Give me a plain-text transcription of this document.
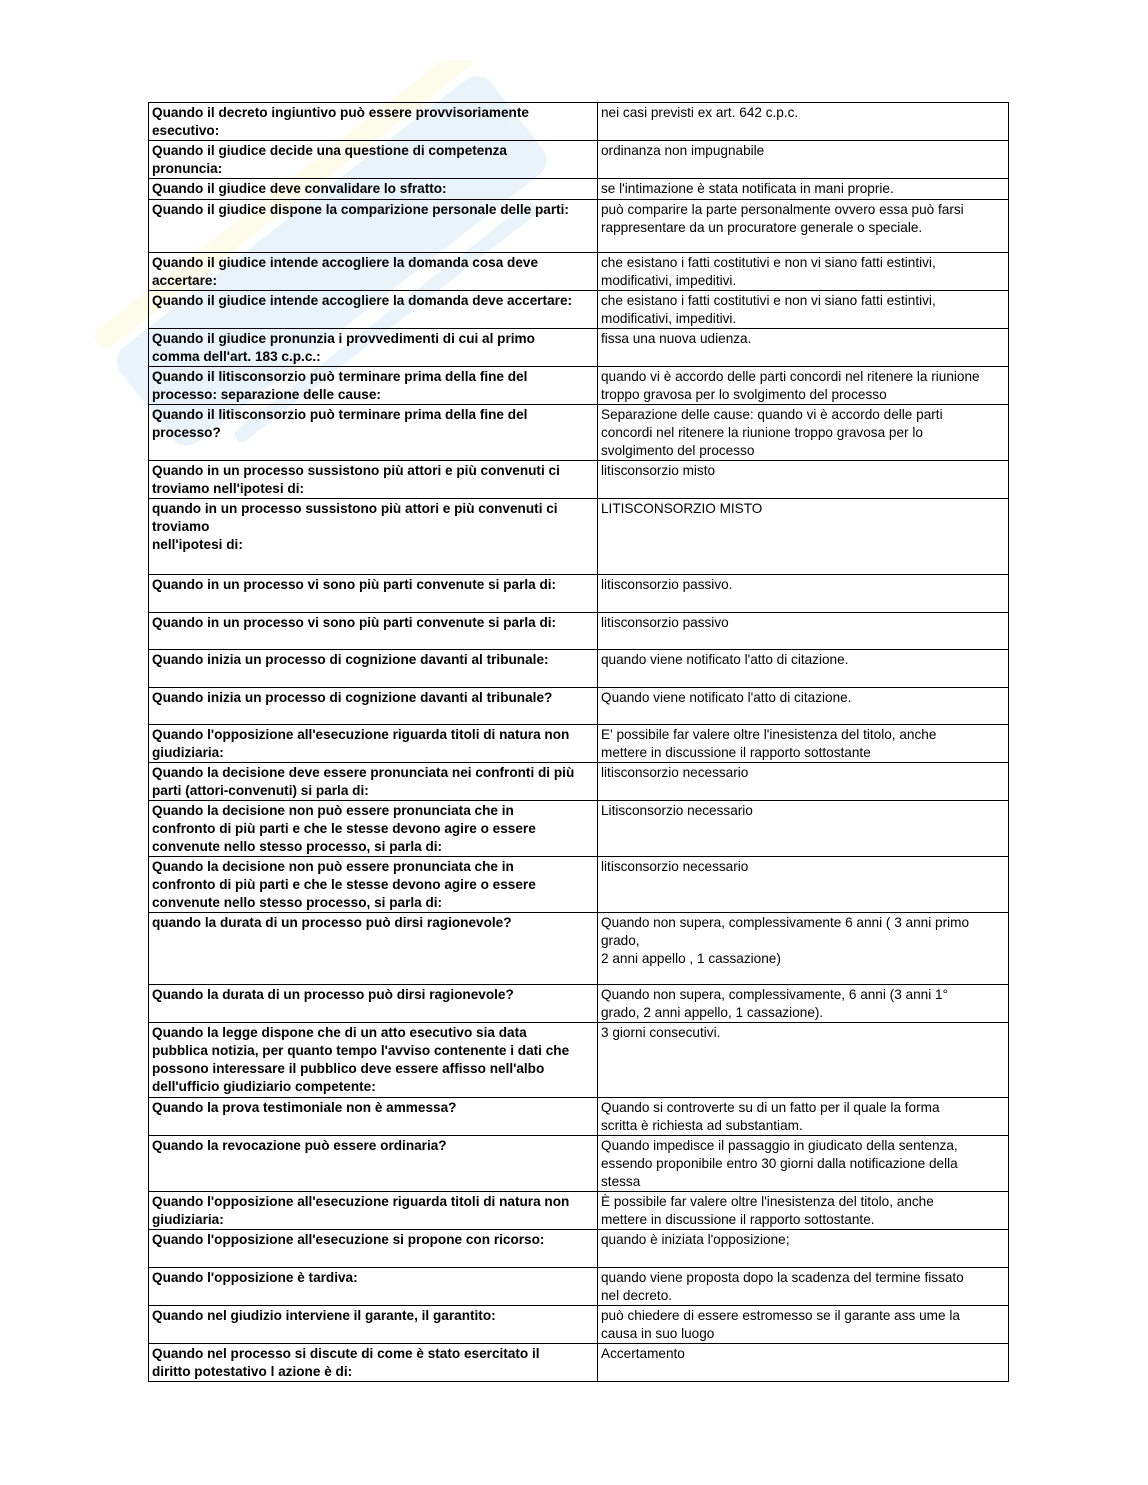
Quando il decreto ingiuntivo può essere provvisoriamente
esecutivo:	nei casi previsti ex art. 642 c.p.c.
Quando il giudice decide una questione di competenza
pronuncia:	ordinanza non impugnabile
Quando il giudice deve convalidare lo sfratto:	se l'intimazione è stata notificata in mani proprie.
Quando il giudice dispone la comparizione personale delle parti:	può comparire la parte personalmente ovvero essa può farsi
rappresentare da un procuratore generale o speciale.
Quando il giudice intende accogliere la domanda cosa deve
accertare:	che esistano i fatti costitutivi e non vi siano fatti estintivi,
modificativi, impeditivi.
Quando il giudice intende accogliere la domanda deve accertare:	che esistano i fatti costitutivi e non vi siano fatti estintivi,
modificativi, impeditivi.
Quando il giudice pronunzia i provvedimenti di cui al primo
comma dell'art. 183 c.p.c.:	fissa una nuova udienza.
Quando il litisconsorzio può terminare prima della fine del
processo: separazione delle cause:	quando vi è accordo delle parti concordi nel ritenere la riunione
troppo gravosa per lo svolgimento del processo
Quando il litisconsorzio può terminare prima della fine del
processo?	Separazione delle cause: quando vi è accordo delle parti
concordi nel ritenere la riunione troppo gravosa per lo
svolgimento del processo
Quando in un processo sussistono più attori e più convenuti ci
troviamo nell'ipotesi di:	litisconsorzio misto
quando in un processo sussistono più attori e più convenuti ci
troviamo
nell'ipotesi di:	LITISCONSORZIO MISTO
Quando in un processo vi sono più parti convenute si parla di:	litisconsorzio passivo.
Quando in un processo vi sono più parti convenute si parla di:	litisconsorzio passivo
Quando inizia un processo di cognizione davanti al tribunale:	quando viene notificato l'atto di citazione.
Quando inizia un processo di cognizione davanti al tribunale?	Quando viene notificato l'atto di citazione.
Quando l'opposizione all'esecuzione riguarda titoli di natura non
giudiziaria:	E' possibile far valere oltre l'inesistenza del titolo, anche
mettere in discussione il rapporto sottostante
Quando la decisione deve essere pronunciata nei confronti di più
parti (attori-convenuti) si parla di:	litisconsorzio necessario
Quando la decisione non può essere pronunciata che in
confronto di più parti e che le stesse devono agire o essere
convenute nello stesso processo, si parla di:	Litisconsorzio necessario
Quando la decisione non può essere pronunciata che in
confronto di più parti e che le stesse devono agire o essere
convenute nello stesso processo, si parla di:	litisconsorzio necessario
quando la durata di un processo può dirsi ragionevole?	Quando non supera, complessivamente 6 anni ( 3 anni primo
grado,
2 anni appello , 1 cassazione)
Quando la durata di un processo può dirsi ragionevole?	Quando non supera, complessivamente, 6 anni (3 anni 1°
grado, 2 anni appello, 1 cassazione).
Quando la legge dispone che di un atto esecutivo sia data
pubblica notizia, per quanto tempo l'avviso contenente i dati che
possono interessare il pubblico deve essere affisso nell'albo
dell'ufficio giudiziario competente:	3 giorni consecutivi.
Quando la prova testimoniale non è ammessa?	Quando si controverte su di un fatto per il quale la forma
scritta è richiesta ad substantiam.
Quando la revocazione può essere ordinaria?	Quando impedisce il passaggio in giudicato della sentenza,
essendo proponibile entro 30 giorni dalla notificazione della
stessa
Quando l'opposizione all'esecuzione riguarda titoli di natura non
giudiziaria:	È possibile far valere oltre l'inesistenza del titolo, anche
mettere in discussione il rapporto sottostante.
Quando l'opposizione all'esecuzione si propone con ricorso:	quando è iniziata l'opposizione;
Quando l'opposizione è tardiva:	quando viene proposta dopo la scadenza del termine fissato
nel decreto.
Quando nel giudizio interviene il garante, il garantito:	può chiedere di essere estromesso se il garante ass ume la
causa in suo luogo
Quando nel processo si discute di come è stato esercitato il
diritto potestativo l azione è di:	Accertamento
